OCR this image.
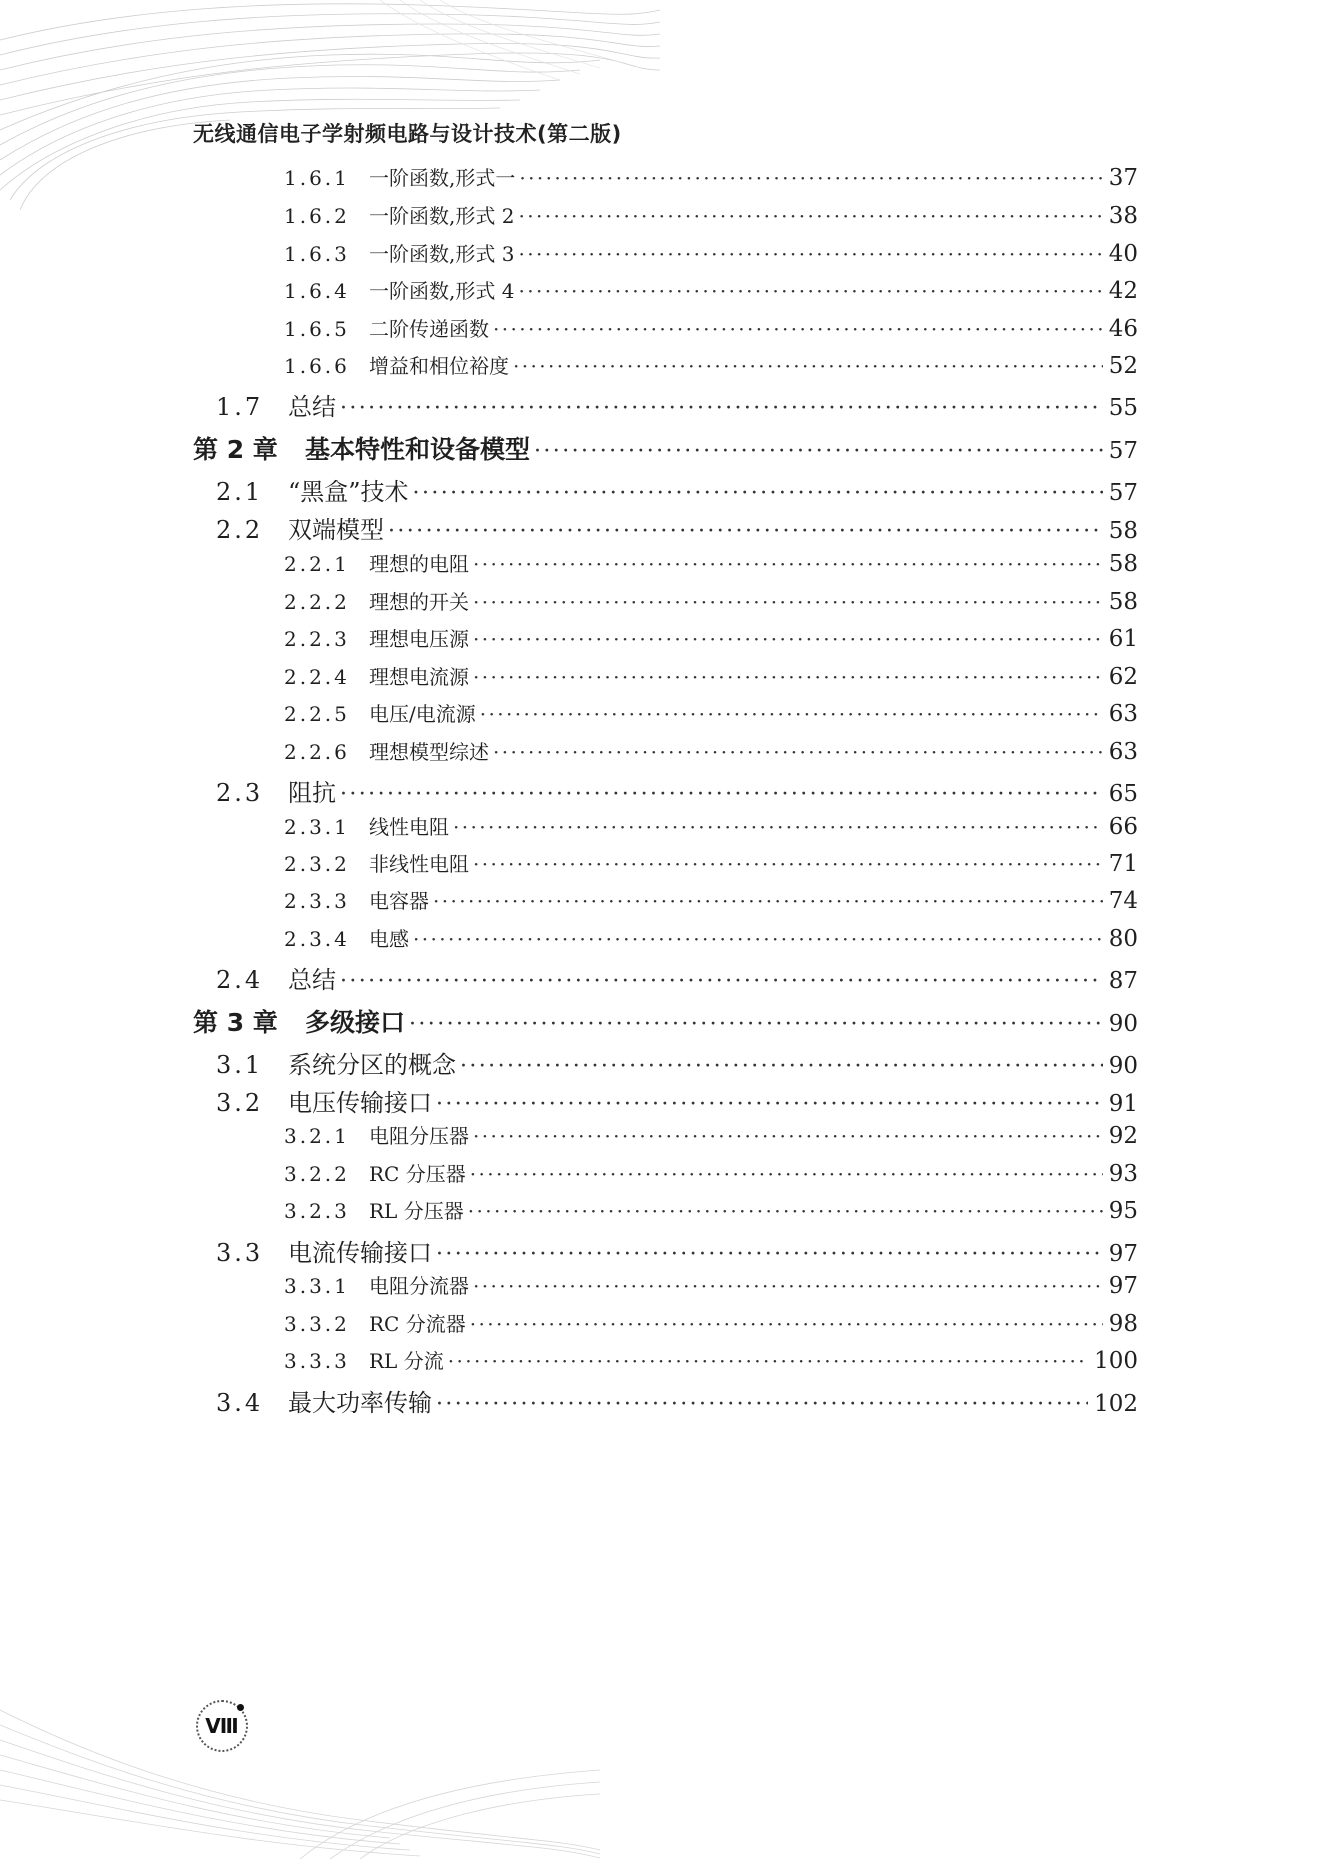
无线通信电子学射频电路与设计技术(第二版)
1.6.1 一阶函数,形式一 ·····	37
1.6.2 一阶函数,形式 2 ·····	38
1.6.3 一阶函数,形式 3 ·····	40
1.6.4 一阶函数,形式 4 ·····	42
1.6.5 二阶传递函数 ·····	46
1.6.6 增益和相位裕度 ·····	52
1.7	总结 ·····	55
第 2 章	基本特性和设备模型 ·····	57
2.1	“黑盒”技术 ·····	57
2.2	双端模型 ·····	58
2.2.1 理想的电阻 ·····	58
2.2.2 理想的开关 ·····	58
2.2.3 理想电压源 ·····	61
2.2.4 理想电流源 ·····	62
2.2.5 电压/电流源 ·····	63
2.2.6 理想模型综述 ·····	63
2.3	阻抗 ·····	65
2.3.1 线性电阻 ·····	66
2.3.2 非线性电阻 ·····	71
2.3.3 电容器 ·····	74
2.3.4 电感 ·····	80
2.4	总结 ·····	87
第 3 章	多级接口 ·····	90
3.1	系统分区的概念 ·····	90
3.2	电压传输接口 ·····	91
3.2.1 电阻分压器 ·····	92
3.2.2 RC 分压器 ·····	93
3.2.3 RL 分压器 ·····	95
3.3	电流传输接口 ·····	97
3.3.1 电阻分流器 ·····	97
3.3.2 RC 分流器 ·····	98
3.3.3 RL 分流 ·····	100
3.4	最大功率传输 ·····	102
Ⅷ
